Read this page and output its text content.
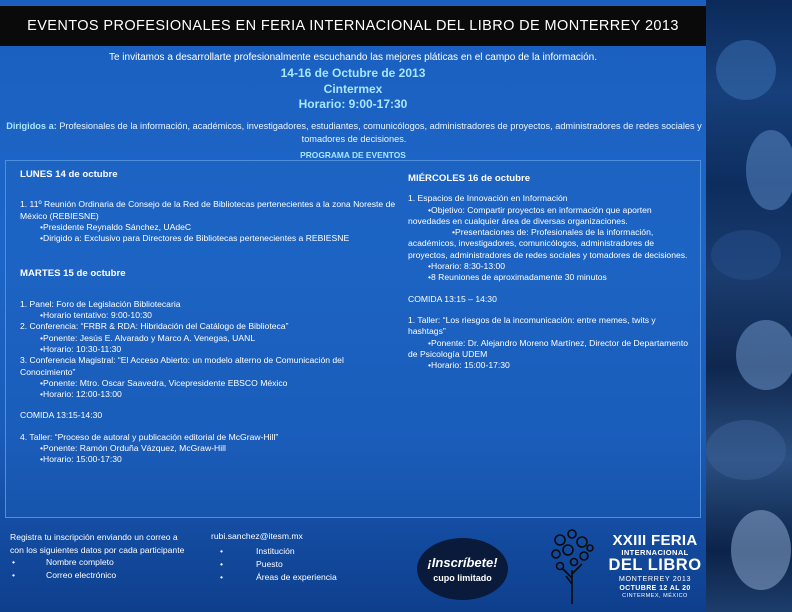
EVENTOS PROFESIONALES EN FERIA INTERNACIONAL DEL LIBRO DE MONTERREY 2013
Te invitamos a desarrollarte profesionalmente escuchando las mejores pláticas en el campo de la información.
14-16 de Octubre de 2013
Cintermex
Horario: 9:00-17:30
Dirigidos a: Profesionales de la información, académicos, investigadores, estudiantes, comunicólogos, administradores de proyectos, administradores de redes sociales y tomadores de decisiones.
PROGRAMA DE EVENTOS
LUNES 14 de octubre
1. 11º Reunión Ordinaria de Consejo de la Red de Bibliotecas pertenecientes a la zona Noreste de México (REBIESNE)
•Presidente Reynaldo Sánchez, UAdeC
•Dirigido a: Exclusivo para Directores de Bibliotecas pertenecientes a REBIESNE
MARTES 15 de octubre
1. Panel: Foro de Legislación Bibliotecaria
•Horario tentativo: 9:00-10:30
2. Conferencia: “FRBR & RDA: Hibridación del Catálogo de Biblioteca”
•Ponente: Jesús E. Alvarado y Marco A. Venegas, UANL
•Horario: 10:30-11:30
3. Conferencia Magistral: “El Acceso Abierto: un modelo alterno de Comunicación del Conocimiento”
•Ponente: Mtro. Oscar Saavedra, Vicepresidente EBSCO México
•Horario: 12:00-13:00
COMIDA 13:15-14:30
4. Taller: “Proceso de autoral y publicación editorial de McGraw-Hill”
•Ponente: Ramón Orduña Vázquez, McGraw-Hill
•Horario: 15:00-17:30
MIÉRCOLES 16 de octubre
1. Espacios de Innovación en Información
•Objetivo: Compartir proyectos en información que aporten novedades en cualquier área de diversas organizaciones.
•Presentaciones de: Profesionales de la información, académicos, investigadores, comunicólogos, administradores de proyectos, administradores de redes sociales y tomadores de decisiones.
•Horario: 8:30-13:00
•8 Reuniones de aproximadamente 30 minutos
COMIDA 13:15 – 14:30
1. Taller: “Los riesgos de la incomunicación: entre memes, twits y hashtags”
•Ponente: Dr. Alejandro Moreno Martínez, Director de Departamento de Psicología UDEM
•Horario: 15:00-17:30
Registra tu inscripción enviando un correo a
con los siguientes datos por cada participante
•	Nombre completo
•	Correo electrónico
rubi.sanchez@itesm.mx
•	Institución
•	Puesto
•	Áreas de experiencia
¡Inscríbete!
cupo limitado
XXIII FERIA
INTERNACIONAL
DEL LIBRO
MONTERREY 2013
OCTUBRE 12 AL 20
CINTERMEX, MÉXICO
